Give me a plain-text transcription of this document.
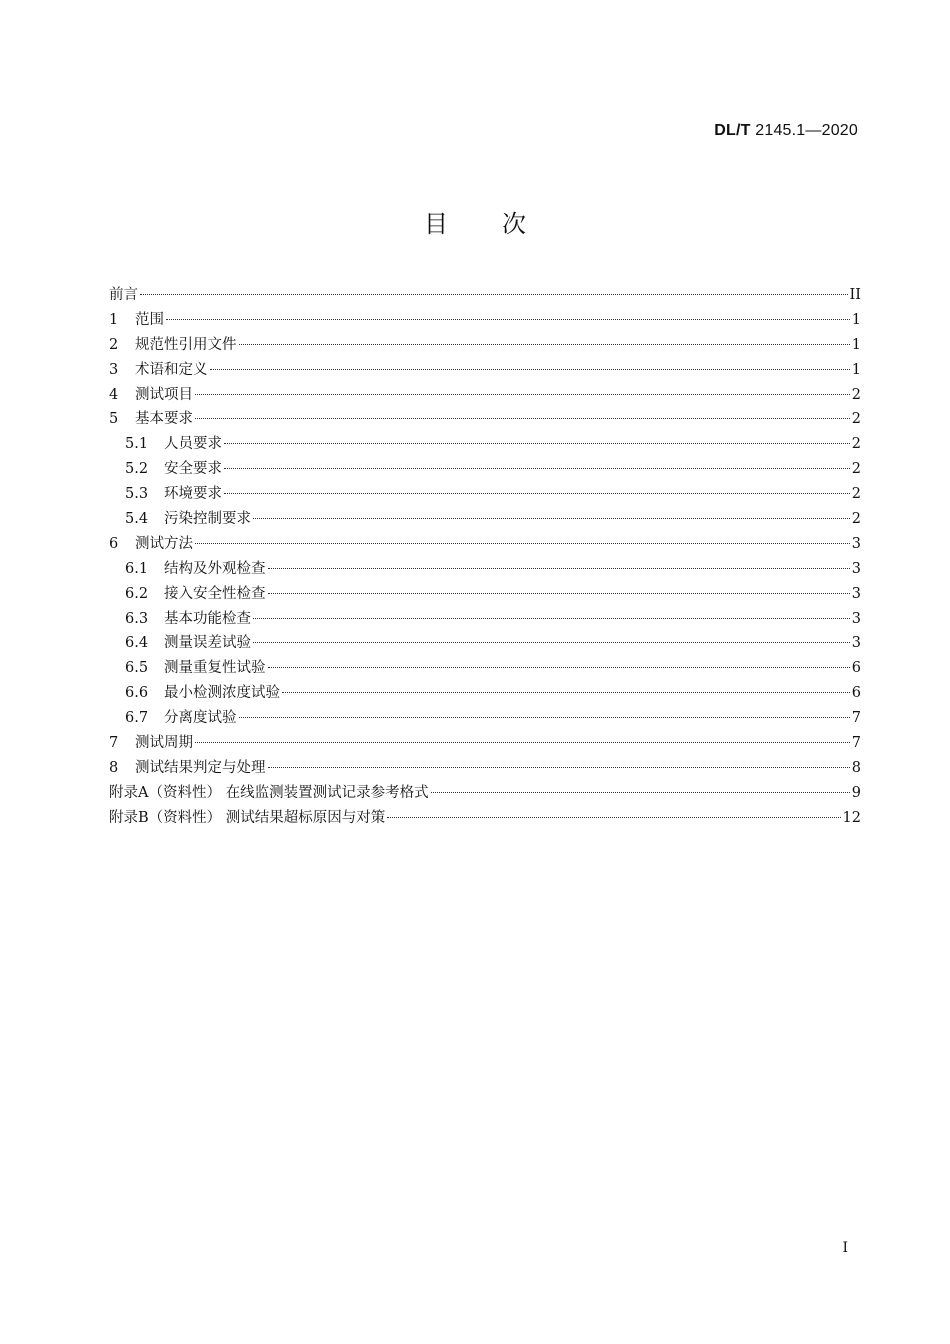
DL/T 2145.1—2020
目次
前言	II
1	范围	1
2	规范性引用文件	1
3	术语和定义	1
4	测试项目	2
5	基本要求	2
5.1	人员要求	2
5.2	安全要求	2
5.3	环境要求	2
5.4	污染控制要求	2
6	测试方法	3
6.1	结构及外观检查	3
6.2	接入安全性检查	3
6.3	基本功能检查	3
6.4	测量误差试验	3
6.5	测量重复性试验	6
6.6	最小检测浓度试验	6
6.7	分离度试验	7
7	测试周期	7
8	测试结果判定与处理	8
附录A（资料性） 在线监测装置测试记录参考格式	9
附录B（资料性） 测试结果超标原因与对策	12
I
